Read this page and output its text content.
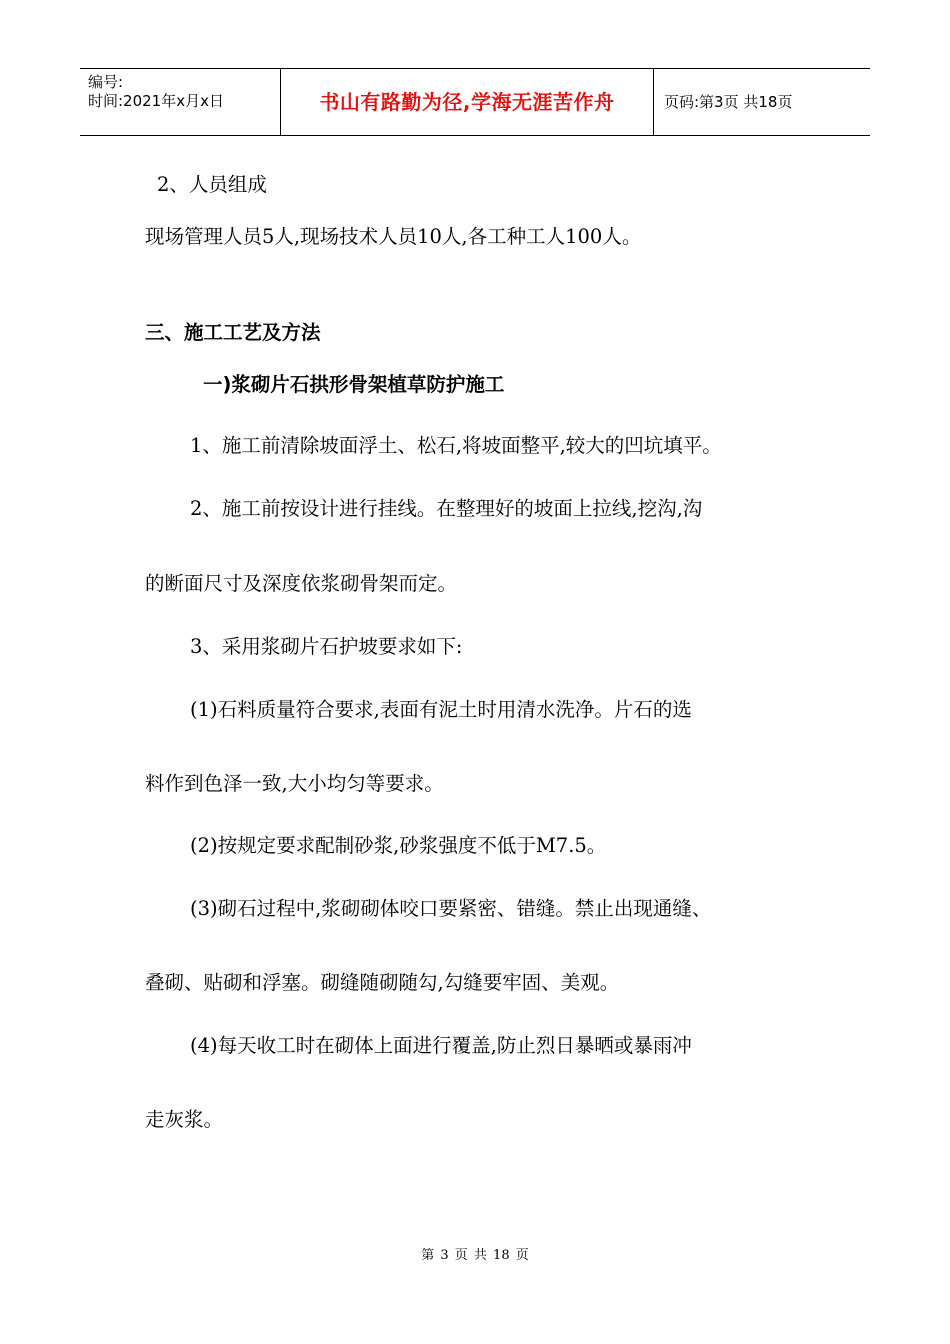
编号:
时间:2021年x月x日	书山有路勤为径,学海无涯苦作舟	页码:第3页 共18页
2、人员组成
现场管理人员5人,现场技术人员10人,各工种工人100人。
三、施工工艺及方法
一)浆砌片石拱形骨架植草防护施工
1、施工前清除坡面浮土、松石,将坡面整平,较大的凹坑填平。
2、施工前按设计进行挂线。在整理好的坡面上拉线,挖沟,沟
的断面尺寸及深度依浆砌骨架而定。
3、采用浆砌片石护坡要求如下:
(1)石料质量符合要求,表面有泥土时用清水洗净。片石的选
料作到色泽一致,大小均匀等要求。
(2)按规定要求配制砂浆,砂浆强度不低于M7.5。
(3)砌石过程中,浆砌砌体咬口要紧密、错缝。禁止出现通缝、
叠砌、贴砌和浮塞。砌缝随砌随勾,勾缝要牢固、美观。
(4)每天收工时在砌体上面进行覆盖,防止烈日暴晒或暴雨冲
走灰浆。
第 3 页 共 18 页
